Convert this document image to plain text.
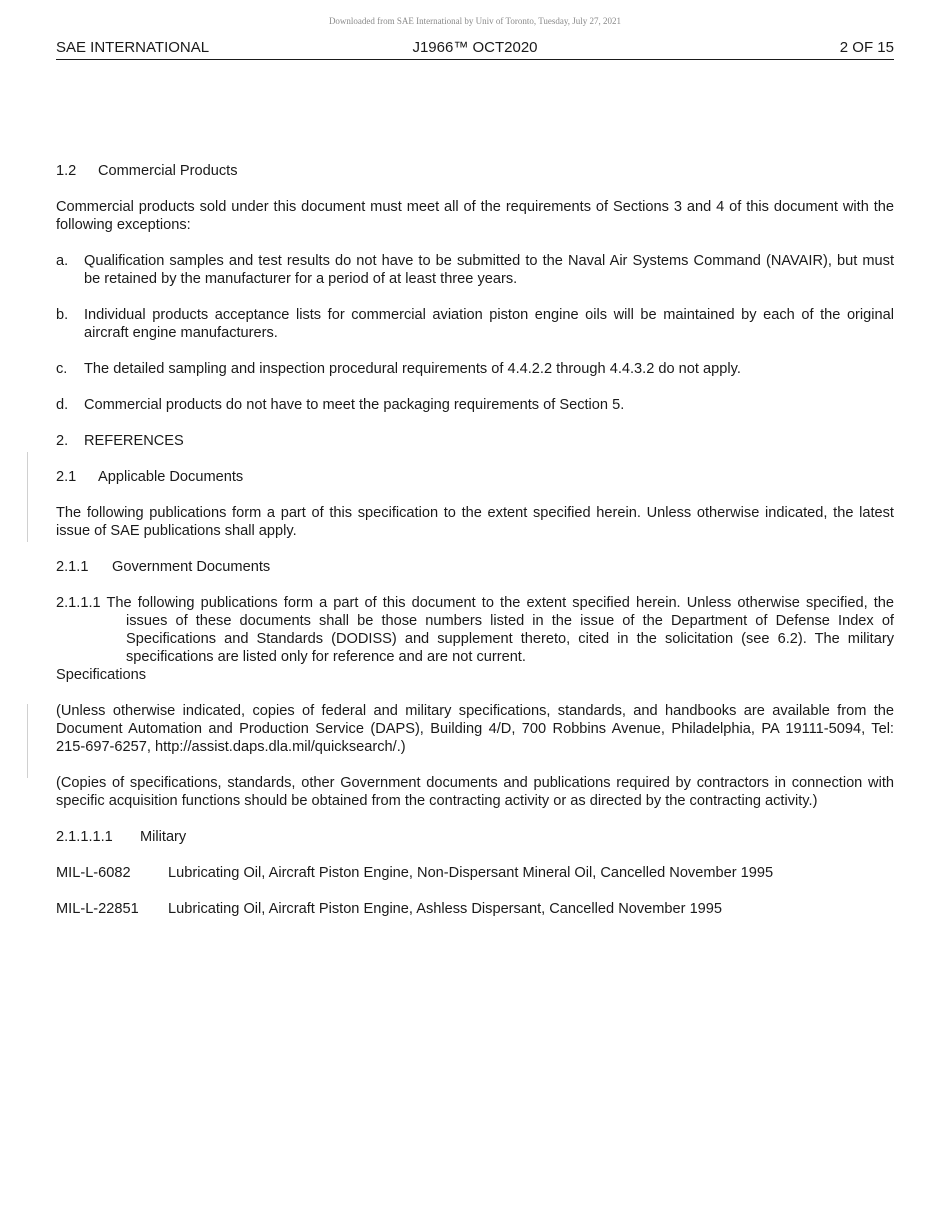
Downloaded from SAE International by Univ of Toronto, Tuesday, July 27, 2021
SAE INTERNATIONAL	J1966™ OCT2020	2 OF 15

1.2 Commercial Products

Commercial products sold under this document must meet all of the requirements of Sections 3 and 4 of this document with the following exceptions:

a.	Qualification samples and test results do not have to be submitted to the Naval Air Systems Command (NAVAIR), but must be retained by the manufacturer for a period of at least three years.
b.	Individual products acceptance lists for commercial aviation piston engine oils will be maintained by each of the original aircraft engine manufacturers.
c.	The detailed sampling and inspection procedural requirements of 4.4.2.2 through 4.4.3.2 do not apply.
d.	Commercial products do not have to meet the packaging requirements of Section 5.

2. REFERENCES

2.1 Applicable Documents

The following publications form a part of this specification to the extent specified herein. Unless otherwise indicated, the latest issue of SAE publications shall apply.

2.1.1 Government Documents

2.1.1.1 The following publications form a part of this document to the extent specified herein. Unless otherwise specified, the issues of these documents shall be those numbers listed in the issue of the Department of Defense Index of Specifications and Standards (DODISS) and supplement thereto, cited in the solicitation (see 6.2). The military specifications are listed only for reference and are not current.

Specifications

(Unless otherwise indicated, copies of federal and military specifications, standards, and handbooks are available from the Document Automation and Production Service (DAPS), Building 4/D, 700 Robbins Avenue, Philadelphia, PA 19111-5094, Tel: 215-697-6257, http://assist.daps.dla.mil/quicksearch/.)

(Copies of specifications, standards, other Government documents and publications required by contractors in connection with specific acquisition functions should be obtained from the contracting activity or as directed by the contracting activity.)

2.1.1.1.1 Military

MIL-L-6082	Lubricating Oil, Aircraft Piston Engine, Non-Dispersant Mineral Oil, Cancelled November 1995
MIL-L-22851	Lubricating Oil, Aircraft Piston Engine, Ashless Dispersant, Cancelled November 1995
